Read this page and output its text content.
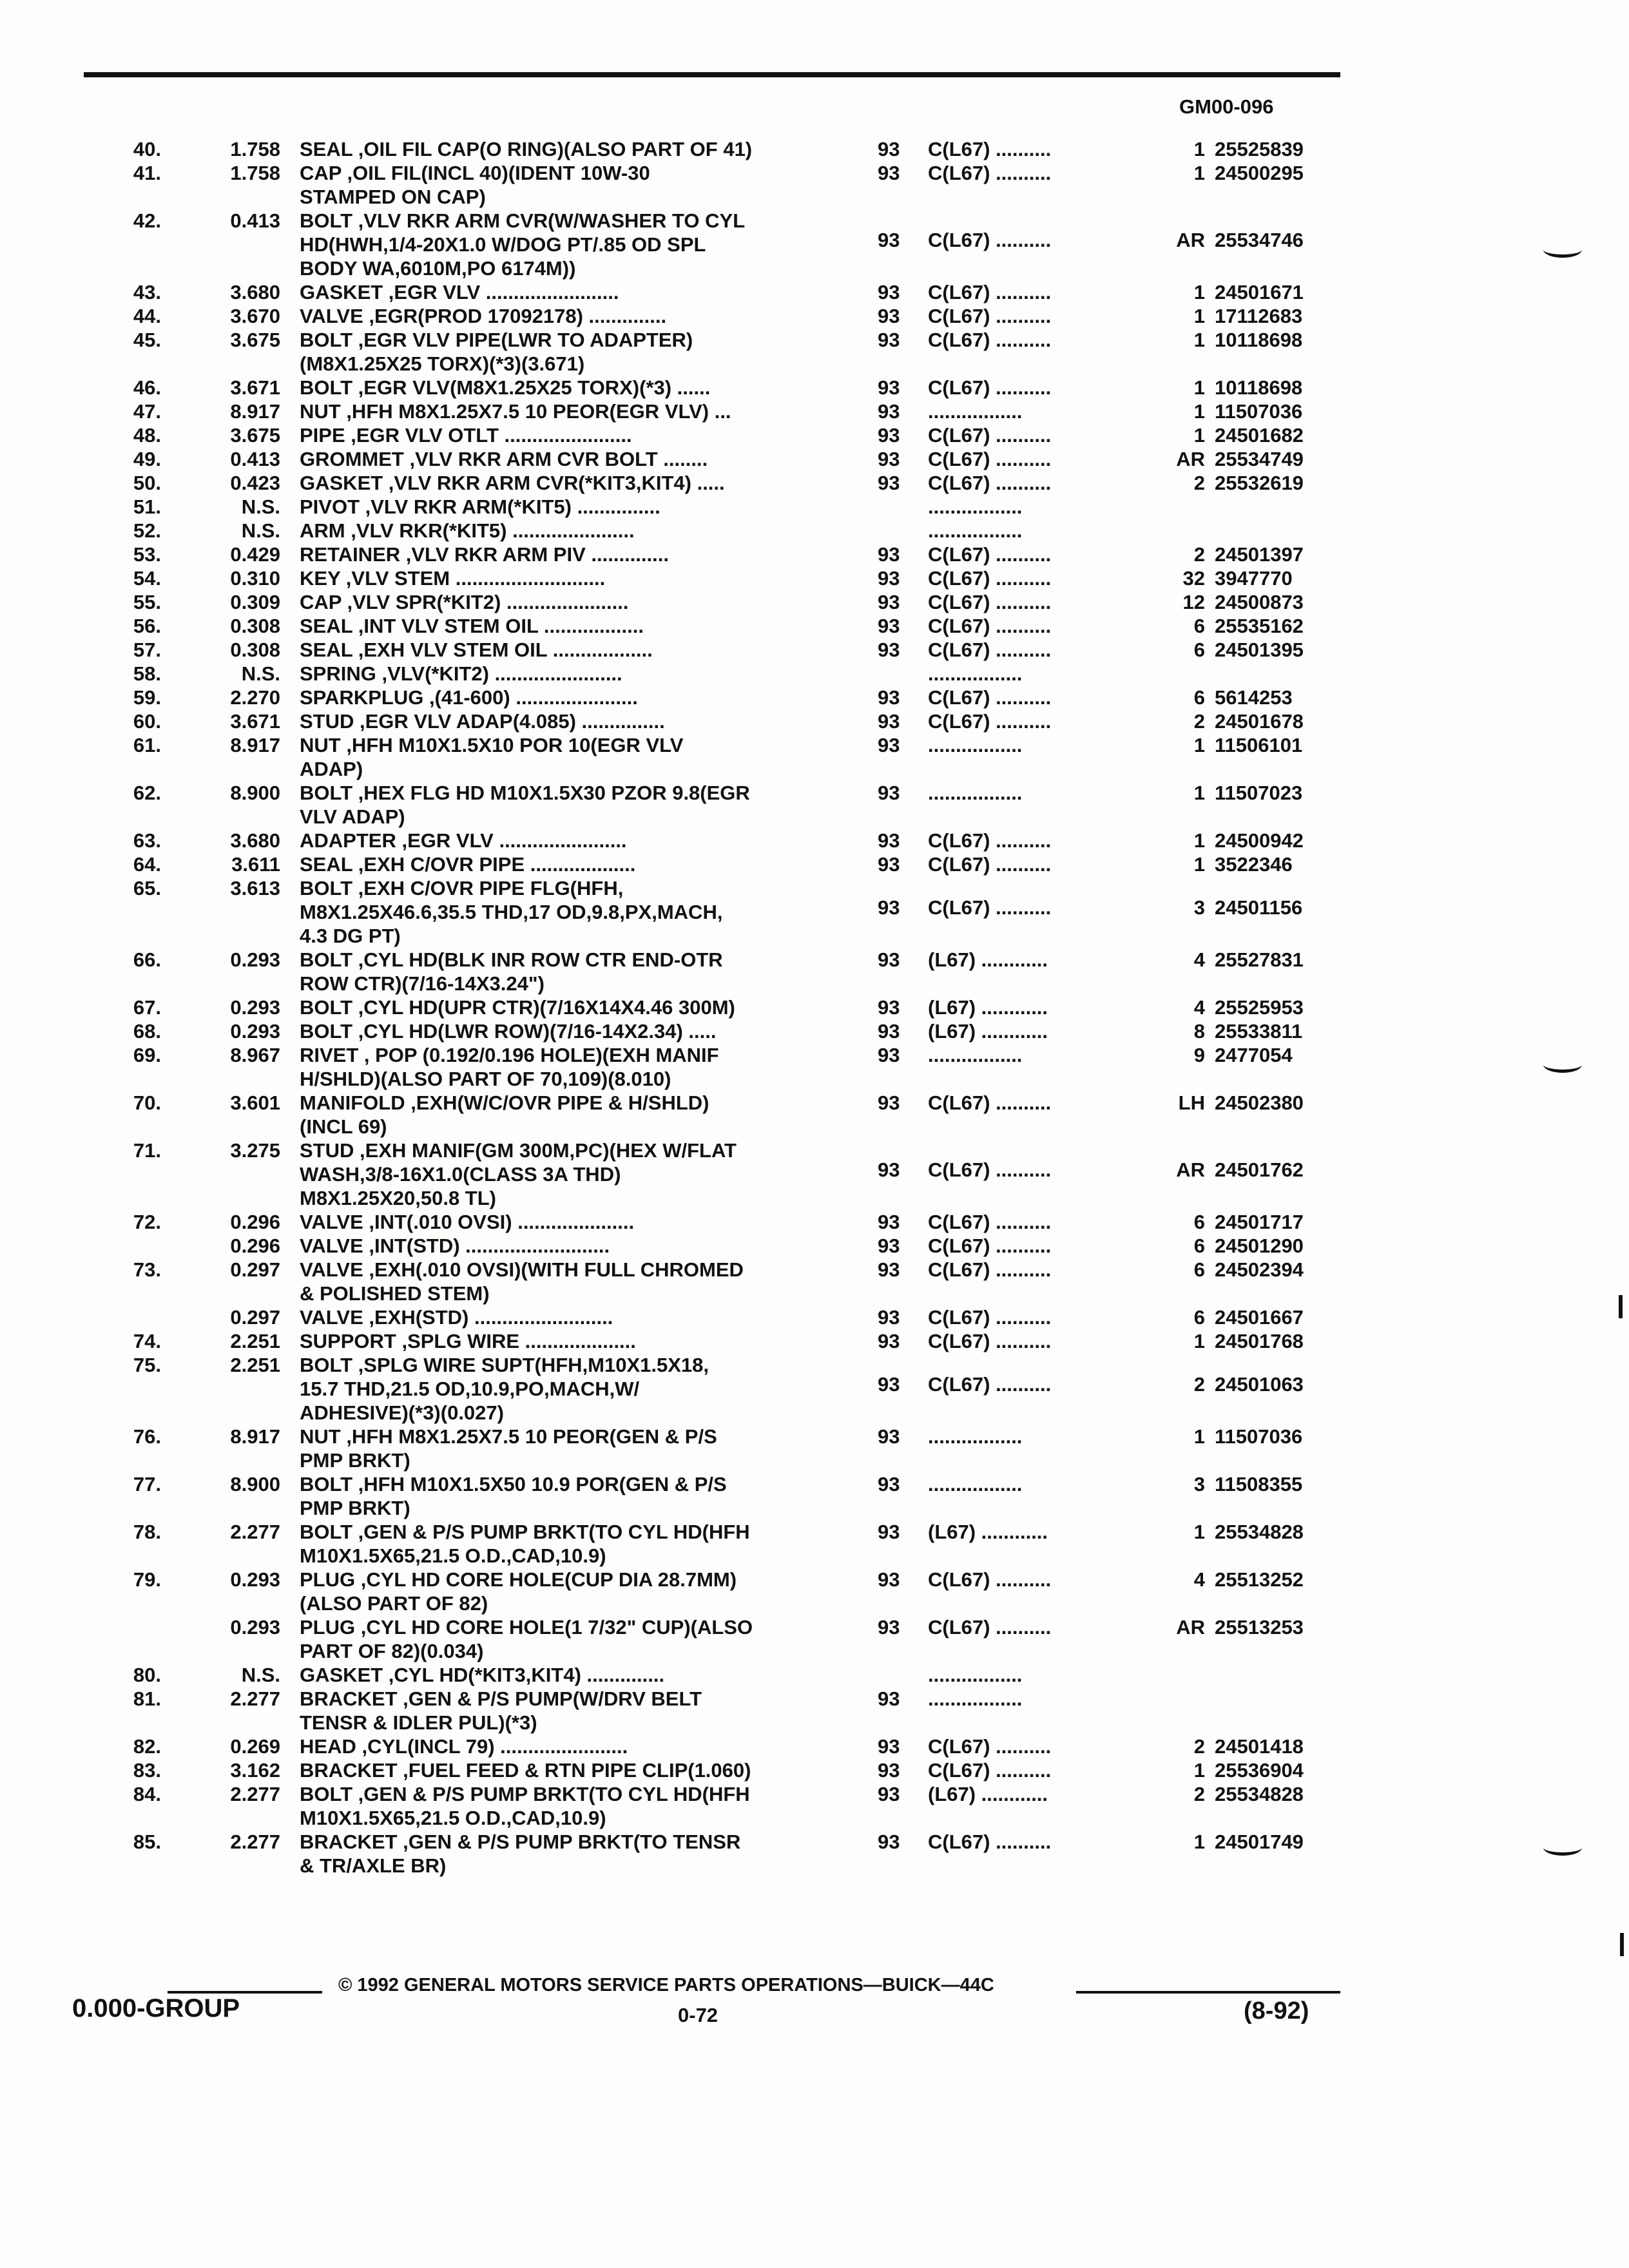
GM00-096
40.	1.758 SEAL ,OIL FIL CAP(O RING)(ALSO PART OF 41)	93 C(L67) ..........	1 25525839
41.	1.758 CAP ,OIL FIL(INCL 40)(IDENT 10W-30
STAMPED ON CAP)
93 C(L67) ..........	1 24500295
42.	0.413 BOLT ,VLV RKR ARM CVR(W/WASHER TO CYL
HD(HWH,1/4-20X1.0 W/DOG PT/.85 OD SPL
BODY WA,6010M,PO 6174M))
93 C(L67) ..........	AR 25534746
43.	3.680 GASKET ,EGR VLV ........................	93 C(L67) ..........	1 24501671
44.	3.670 VALVE ,EGR(PROD 17092178) ..............	93 C(L67) ..........	1 17112683
45.	3.675 BOLT ,EGR VLV PIPE(LWR TO ADAPTER)
(M8X1.25X25 TORX)(*3)(3.671)
93 C(L67) ..........	1 10118698
46.	3.671 BOLT ,EGR VLV(M8X1.25X25 TORX)(*3) ......	93 C(L67) ..........	1 10118698
47.	8.917 NUT ,HFH M8X1.25X7.5 10 PEOR(EGR VLV) ...	93 .................	1 11507036
48.	3.675 PIPE ,EGR VLV OTLT .......................	93 C(L67) ..........	1 24501682
49.	0.413 GROMMET ,VLV RKR ARM CVR BOLT ........	93 C(L67) ..........	AR 25534749
50.	0.423 GASKET ,VLV RKR ARM CVR(*KIT3,KIT4) .....	93 C(L67) ..........	2 25532619
51.	N.S. PIVOT ,VLV RKR ARM(*KIT5) ...............	.................
52.	N.S. ARM ,VLV RKR(*KIT5) ......................	.................
53.	0.429 RETAINER ,VLV RKR ARM PIV ..............	93 C(L67) ..........	2 24501397
54.	0.310 KEY ,VLV STEM ...........................	93 C(L67) ..........	32 3947770
55.	0.309 CAP ,VLV SPR(*KIT2) ......................	93 C(L67) ..........	12 24500873
56.	0.308 SEAL ,INT VLV STEM OIL ..................	93 C(L67) ..........	6 25535162
57.	0.308 SEAL ,EXH VLV STEM OIL ..................	93 C(L67) ..........	6 24501395
58.	N.S. SPRING ,VLV(*KIT2) .......................	.................
59.	2.270 SPARKPLUG ,(41-600) ......................	93 C(L67) ..........	6 5614253
60.	3.671 STUD ,EGR VLV ADAP(4.085) ...............	93 C(L67) ..........	2 24501678
61.	8.917 NUT ,HFH M10X1.5X10 POR 10(EGR VLV
ADAP)
93 .................	1 11506101
62.	8.900 BOLT ,HEX FLG HD M10X1.5X30 PZOR 9.8(EGR
VLV ADAP)
93 .................	1 11507023
63.	3.680 ADAPTER ,EGR VLV .......................	93 C(L67) ..........	1 24500942
64.	3.611 SEAL ,EXH C/OVR PIPE ...................	93 C(L67) ..........	1 3522346
65.	3.613 BOLT ,EXH C/OVR PIPE FLG(HFH,
M8X1.25X46.6,35.5 THD,17 OD,9.8,PX,MACH,
4.3 DG PT)
93 C(L67) ..........	3 24501156
66.	0.293 BOLT ,CYL HD(BLK INR ROW CTR END-OTR
ROW CTR)(7/16-14X3.24")
93 (L67) ............	4 25527831
67.	0.293 BOLT ,CYL HD(UPR CTR)(7/16X14X4.46 300M)	93 (L67) ............	4 25525953
68.	0.293 BOLT ,CYL HD(LWR ROW)(7/16-14X2.34) .....	93 (L67) ............	8 25533811
69.	8.967 RIVET , POP (0.192/0.196 HOLE)(EXH MANIF
H/SHLD)(ALSO PART OF 70,109)(8.010)
93 .................	9 2477054
70.	3.601 MANIFOLD ,EXH(W/C/OVR PIPE & H/SHLD)
(INCL 69)
93 C(L67) ..........	LH 24502380
71.	3.275 STUD ,EXH MANIF(GM 300M,PC)(HEX W/FLAT
WASH,3/8-16X1.0(CLASS 3A THD)
M8X1.25X20,50.8 TL)
93 C(L67) ..........	AR 24501762
72.	0.296 VALVE ,INT(.010 OVSI) .....................	93 C(L67) ..........	6 24501717
0.296 VALVE ,INT(STD) ..........................	93 C(L67) ..........	6 24501290
73.	0.297 VALVE ,EXH(.010 OVSI)(WITH FULL CHROMED
& POLISHED STEM)
93 C(L67) ..........	6 24502394
0.297 VALVE ,EXH(STD) .........................	93 C(L67) ..........	6 24501667
74.	2.251 SUPPORT ,SPLG WIRE ....................	93 C(L67) ..........	1 24501768
75.	2.251 BOLT ,SPLG WIRE SUPT(HFH,M10X1.5X18,
15.7 THD,21.5 OD,10.9,PO,MACH,W/
ADHESIVE)(*3)(0.027)
93 C(L67) ..........	2 24501063
76.	8.917 NUT ,HFH M8X1.25X7.5 10 PEOR(GEN & P/S
PMP BRKT)
93 .................	1 11507036
77.	8.900 BOLT ,HFH M10X1.5X50 10.9 POR(GEN & P/S
PMP BRKT)
93 .................	3 11508355
78.	2.277 BOLT ,GEN & P/S PUMP BRKT(TO CYL HD(HFH
M10X1.5X65,21.5 O.D.,CAD,10.9)
93 (L67) ............	1 25534828
79.	0.293 PLUG ,CYL HD CORE HOLE(CUP DIA 28.7MM)
(ALSO PART OF 82)
93 C(L67) ..........	4 25513252
0.293 PLUG ,CYL HD CORE HOLE(1 7/32" CUP)(ALSO
PART OF 82)(0.034)
93 C(L67) ..........	AR 25513253
80.	N.S. GASKET ,CYL HD(*KIT3,KIT4) ..............	.................
81.	2.277 BRACKET ,GEN & P/S PUMP(W/DRV BELT
TENSR & IDLER PUL)(*3)
93 .................
82.	0.269 HEAD ,CYL(INCL 79) .......................	93 C(L67) ..........	2 24501418
83.	3.162 BRACKET ,FUEL FEED & RTN PIPE CLIP(1.060)	93 C(L67) ..........	1 25536904
84.	2.277 BOLT ,GEN & P/S PUMP BRKT(TO CYL HD(HFH
M10X1.5X65,21.5 O.D.,CAD,10.9)
93 (L67) ............	2 25534828
85.	2.277 BRACKET ,GEN & P/S PUMP BRKT(TO TENSR
& TR/AXLE BR)
93 C(L67) ..........	1 24501749
© 1992 GENERAL MOTORS SERVICE PARTS OPERATIONS—BUICK—44C
0.000-GROUP	0-72	(8-92)
